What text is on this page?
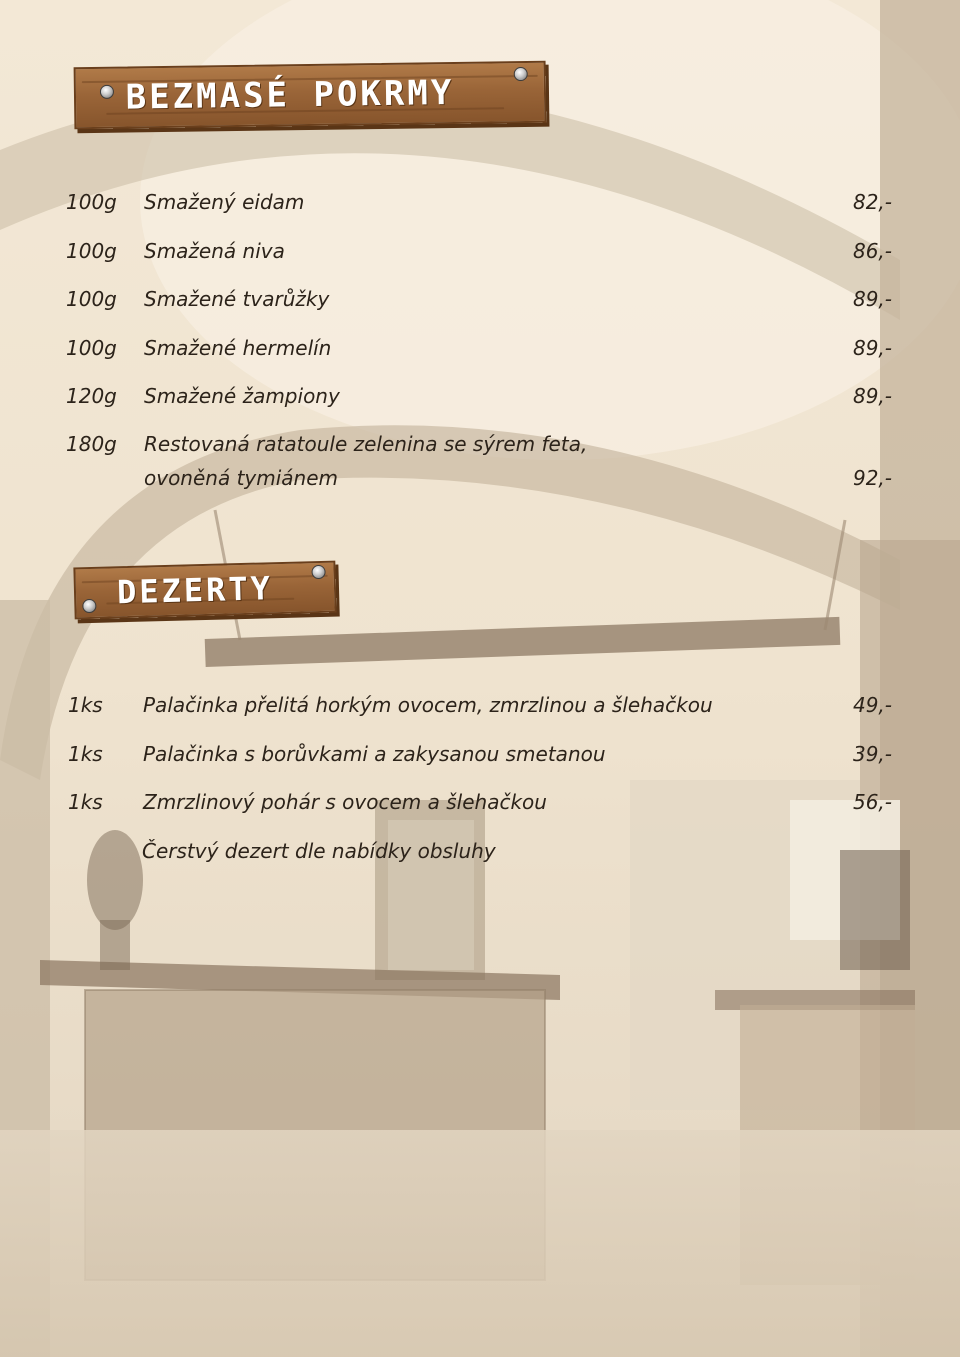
BEZMASÉ POKRMY
DEZERTY
100g Smažený eidam	82,-
100g Smažená niva	86,-
100g Smažené tvarůžky	89,-
100g Smažené hermelín	89,-
120g Smažené žampiony	89,-
180g Restovaná ratatoule zelenina se sýrem feta,
ovoněná tymiánem	92,-
1ks Palačinka přelitá horkým ovocem, zmrzlinou a šlehačkou	49,-
1ks Palačinka s borůvkami a zakysanou smetanou	39,-
1ks Zmrzlinový pohár s ovocem a šlehačkou	56,-
Čerstvý dezert dle nabídky obsluhy
